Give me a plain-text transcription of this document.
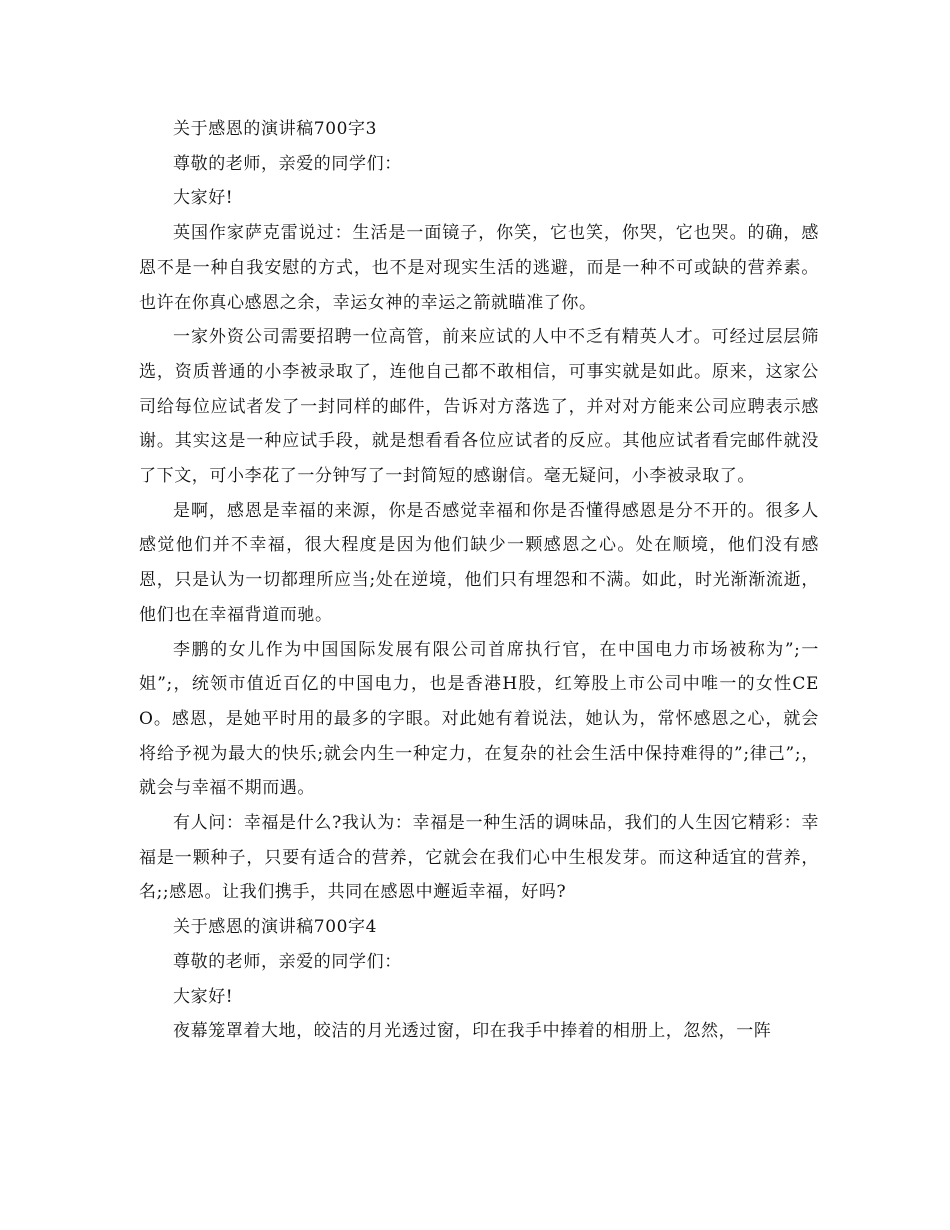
关于感恩的演讲稿700字3

尊敬的老师，亲爱的同学们：

大家好!

英国作家萨克雷说过：生活是一面镜子，你笑，它也笑，你哭，它也哭。的确，感恩不是一种自我安慰的方式，也不是对现实生活的逃避，而是一种不可或缺的营养素。也许在你真心感恩之余，幸运女神的幸运之箭就瞄准了你。

一家外资公司需要招聘一位高管，前来应试的人中不乏有精英人才。可经过层层筛选，资质普通的小李被录取了，连他自己都不敢相信，可事实就是如此。原来，这家公司给每位应试者发了一封同样的邮件，告诉对方落选了，并对对方能来公司应聘表示感谢。其实这是一种应试手段，就是想看看各位应试者的反应。其他应试者看完邮件就没了下文，可小李花了一分钟写了一封简短的感谢信。毫无疑问，小李被录取了。

是啊，感恩是幸福的来源，你是否感觉幸福和你是否懂得感恩是分不开的。很多人感觉他们并不幸福，很大程度是因为他们缺少一颗感恩之心。处在顺境，他们没有感恩，只是认为一切都理所应当;处在逆境，他们只有埋怨和不满。如此，时光渐渐流逝，他们也在幸福背道而驰。

李鹏的女儿作为中国国际发展有限公司首席执行官，在中国电力市场被称为”;一姐”;，统领市值近百亿的中国电力，也是香港H股，红筹股上市公司中唯一的女性CEO。感恩，是她平时用的最多的字眼。对此她有着说法，她认为，常怀感恩之心，就会将给予视为最大的快乐;就会内生一种定力，在复杂的社会生活中保持难得的”;律己”;，就会与幸福不期而遇。

有人问：幸福是什么?我认为：幸福是一种生活的调味品，我们的人生因它精彩：幸福是一颗种子，只要有适合的营养，它就会在我们心中生根发芽。而这种适宜的营养，名;;感恩。让我们携手，共同在感恩中邂逅幸福，好吗?

关于感恩的演讲稿700字4

尊敬的老师，亲爱的同学们：

大家好!

夜幕笼罩着大地，皎洁的月光透过窗，印在我手中捧着的相册上，忽然，一阵
